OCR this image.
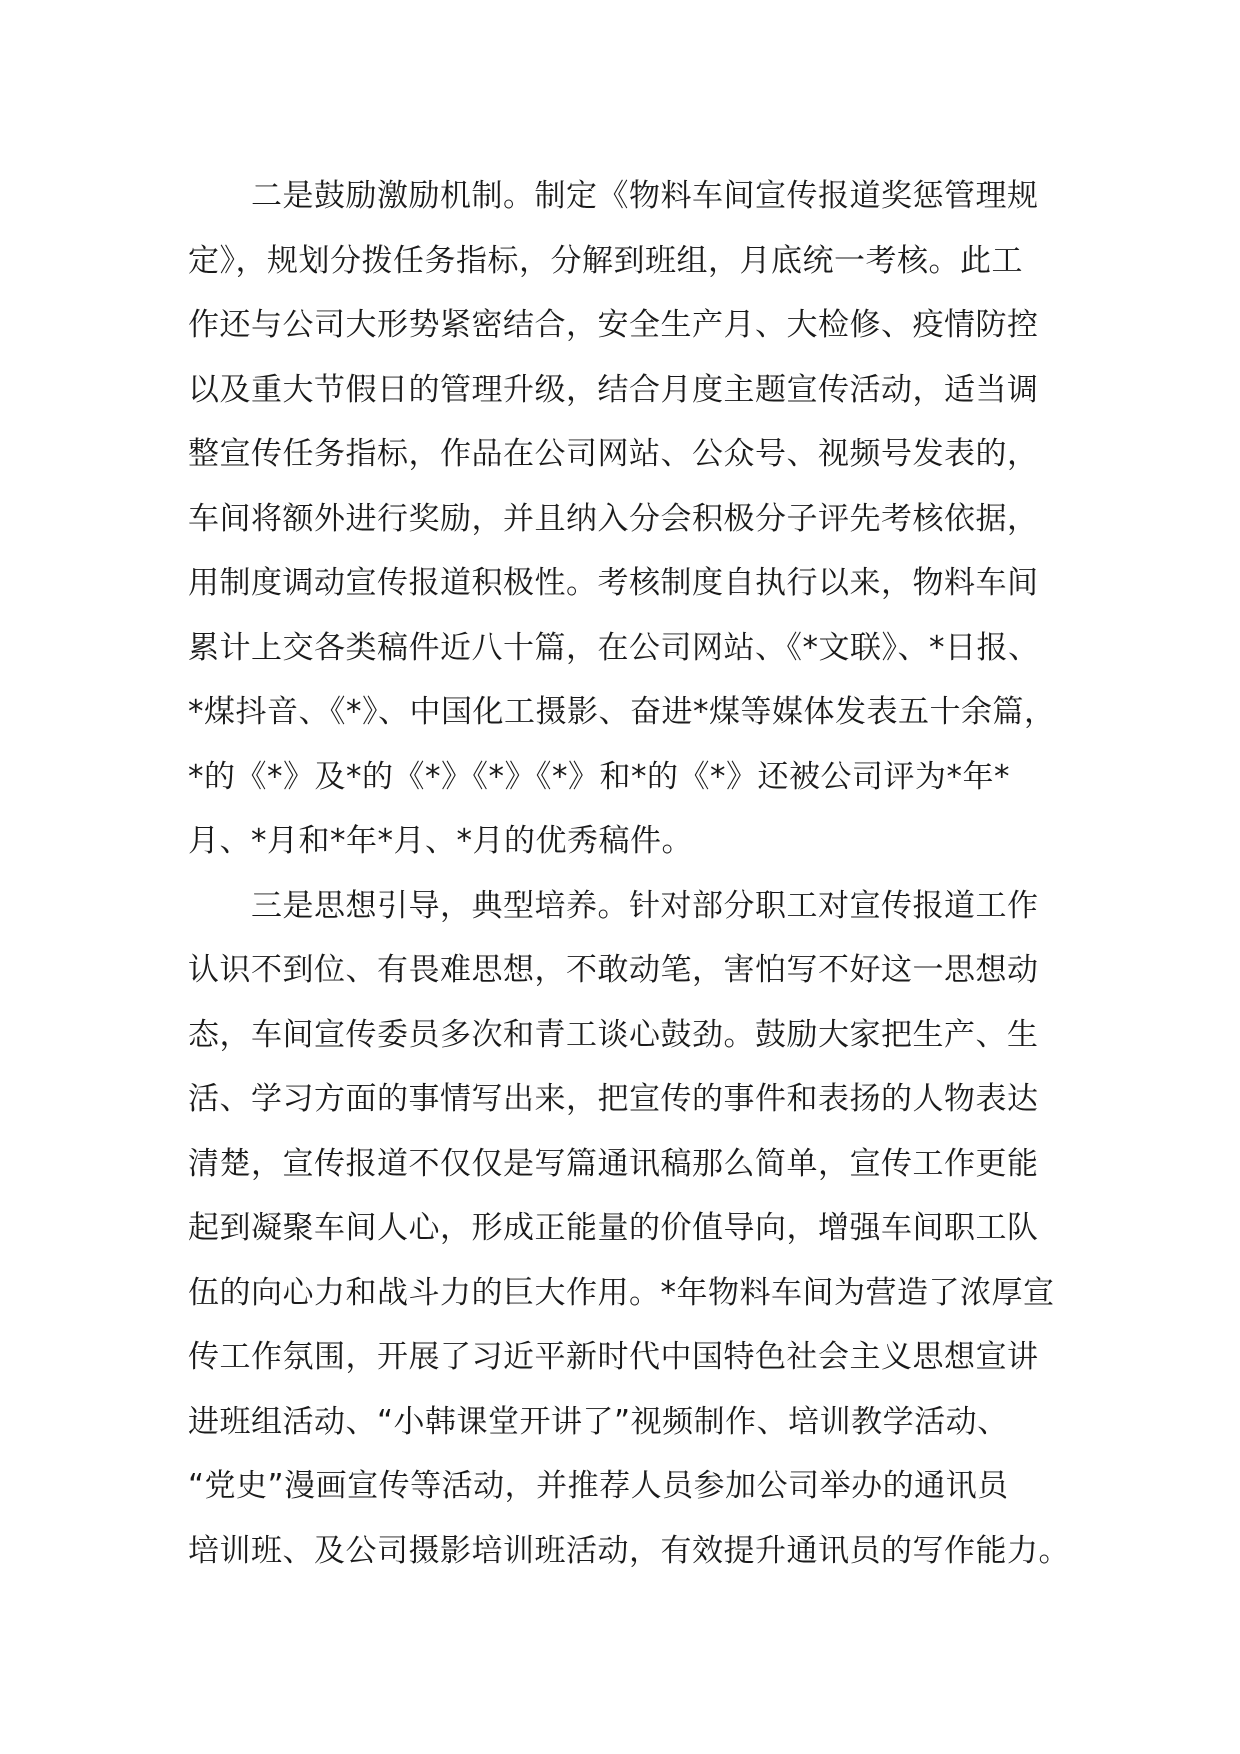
二是鼓励激励机制。制定《物料车间宣传报道奖惩管理规
定》，规划分拨任务指标，分解到班组，月底统一考核。此工
作还与公司大形势紧密结合，安全生产月、大检修、疫情防控
以及重大节假日的管理升级，结合月度主题宣传活动，适当调
整宣传任务指标，作品在公司网站、公众号、视频号发表的，
车间将额外进行奖励，并且纳入分会积极分子评先考核依据，
用制度调动宣传报道积极性。考核制度自执行以来，物料车间
累计上交各类稿件近八十篇，在公司网站、《*文联》、*日报、
*煤抖音、《*》、中国化工摄影、奋进*煤等媒体发表五十余篇，
*的《*》及*的《*》《*》《*》和*的《*》还被公司评为*年*
月、*月和*年*月、*月的优秀稿件。
三是思想引导，典型培养。针对部分职工对宣传报道工作
认识不到位、有畏难思想，不敢动笔，害怕写不好这一思想动
态，车间宣传委员多次和青工谈心鼓劲。鼓励大家把生产、生
活、学习方面的事情写出来，把宣传的事件和表扬的人物表达
清楚，宣传报道不仅仅是写篇通讯稿那么简单，宣传工作更能
起到凝聚车间人心，形成正能量的价值导向，增强车间职工队
伍的向心力和战斗力的巨大作用。*年物料车间为营造了浓厚宣
传工作氛围，开展了习近平新时代中国特色社会主义思想宣讲
进班组活动、“小韩课堂开讲了”视频制作、培训教学活动、
“党史”漫画宣传等活动，并推荐人员参加公司举办的通讯员
培训班、及公司摄影培训班活动，有效提升通讯员的写作能力。
